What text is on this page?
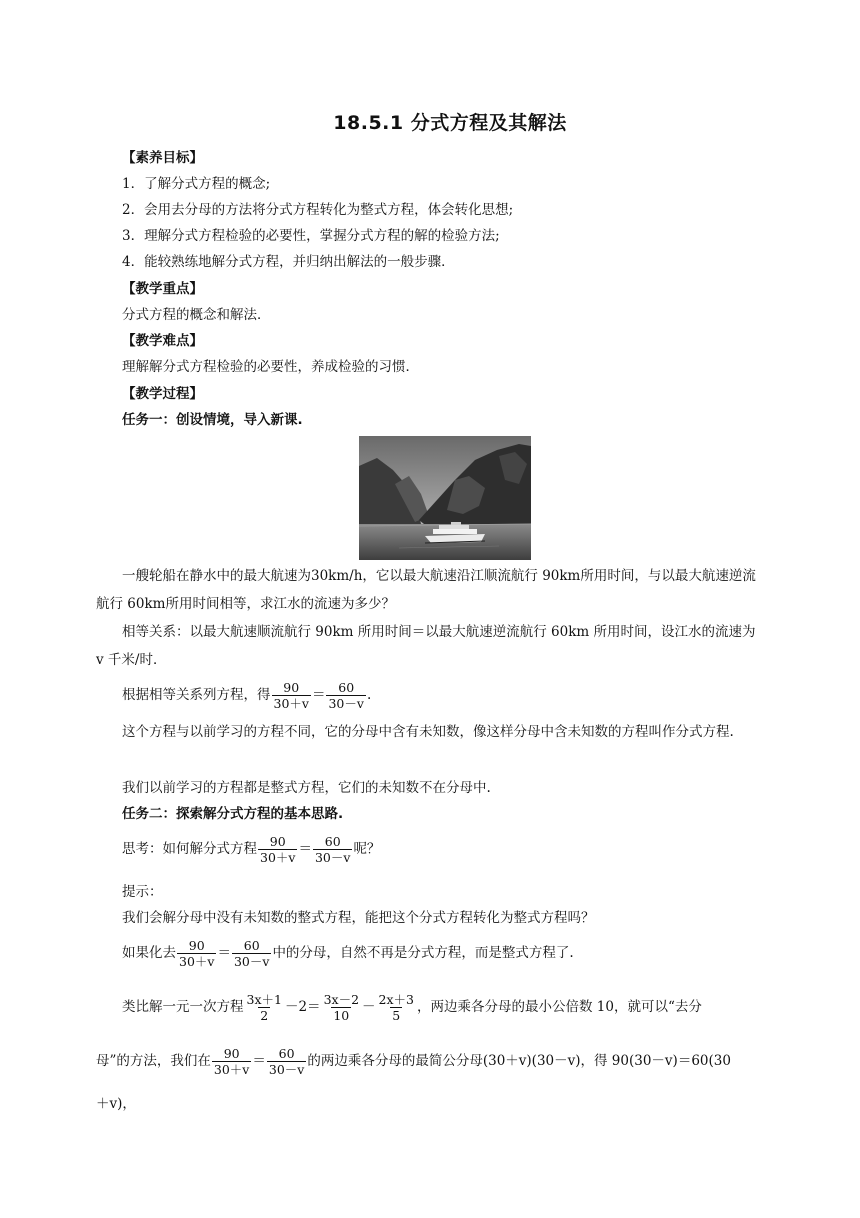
18.5.1 分式方程及其解法
【素养目标】
1．了解分式方程的概念;
2．会用去分母的方法将分式方程转化为整式方程，体会转化思想;
3．理解分式方程检验的必要性，掌握分式方程的解的检验方法;
4．能较熟练地解分式方程，并归纳出解法的一般步骤．
【教学重点】
分式方程的概念和解法．
【教学难点】
理解解分式方程检验的必要性，养成检验的习惯．
【教学过程】
任务一：创设情境，导入新课.
一艘轮船在静水中的最大航速为30km/h，它以最大航速沿江顺流航行 90km所用时间，与以最大航速逆流航行 60km所用时间相等，求江水的流速为多少？
相等关系：以最大航速顺流航行 90km 所用时间＝以最大航速逆流航行 60km 所用时间，设江水的流速为 v 千米/时．
根据相等关系列方程，得 $\frac{90}{30+v} = \frac{60}{30-v}$ .
这个方程与以前学习的方程不同，它的分母中含有未知数，像这样分母中含未知数的方程叫作分式方程.
我们以前学习的方程都是整式方程，它们的未知数不在分母中.
任务二：探索解分式方程的基本思路.
思考：如何解分式方程 $\frac{90}{30+v} = \frac{60}{30-v}$ 呢？
提示：
我们会解分母中没有未知数的整式方程，能把这个分式方程转化为整式方程吗？
如果化去 $\frac{90}{30+v} = \frac{60}{30-v}$ 中的分母，自然不再是分式方程，而是整式方程了.
类比解一元一次方程 $\frac{3x+1}{2} -2= \frac{3x-2}{10} - \frac{2x+3}{5}$ ，两边乘各分母的最小公倍数 10，就可以“去分
母”的方法，我们在 $\frac{90}{30+v} = \frac{60}{30-v}$ 的两边乘各分母的最简公分母(30＋v)(30－v)，得 90(30－v)＝60(30
＋v)，
